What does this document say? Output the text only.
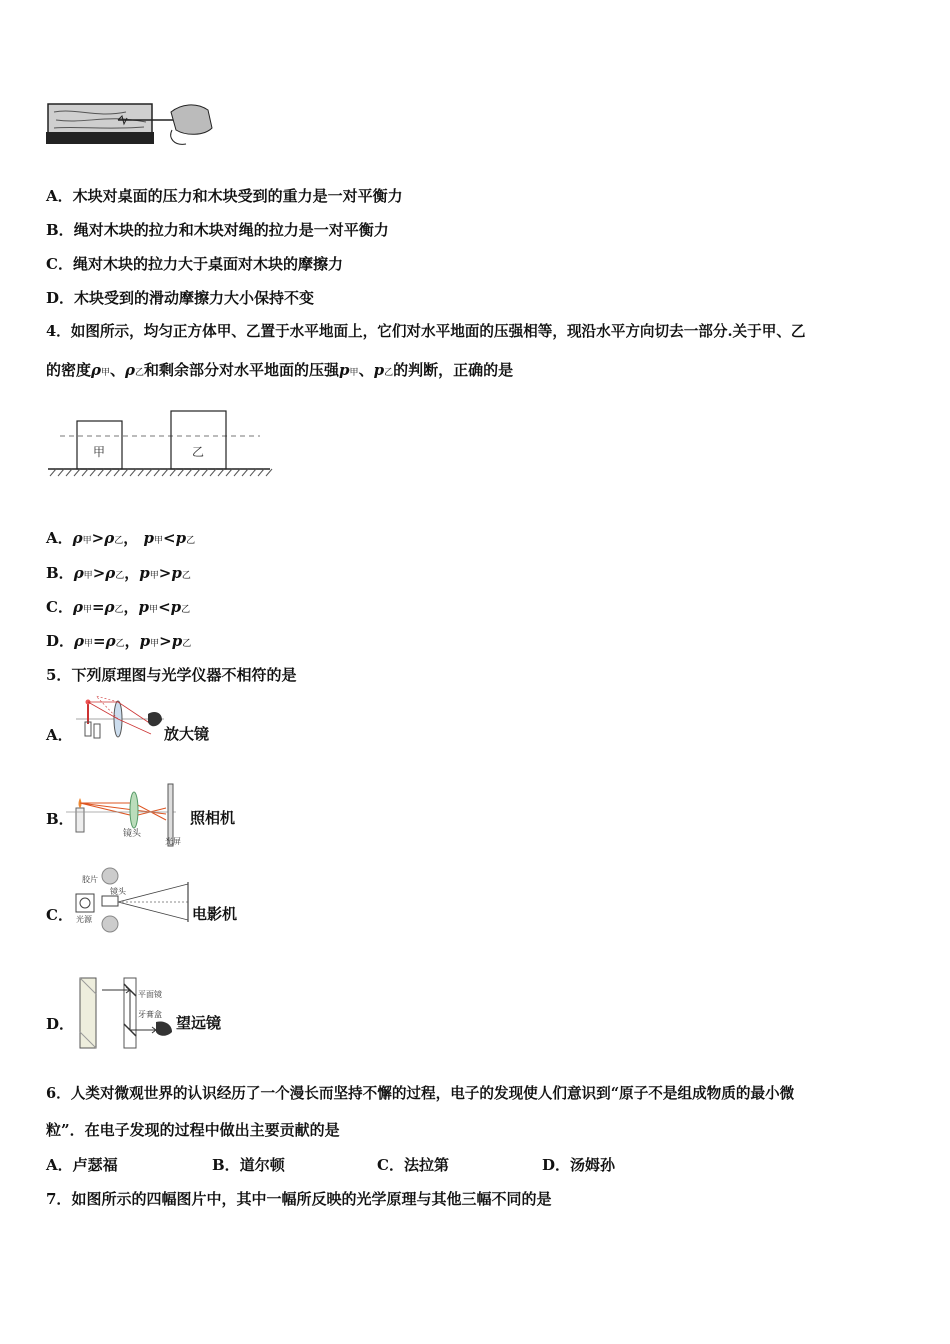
A．木块对桌面的压力和木块受到的重力是一对平衡力
B．绳对木块的拉力和木块对绳的拉力是一对平衡力
C．绳对木块的拉力大于桌面对木块的摩擦力
D．木块受到的滑动摩擦力大小保持不变
4．如图所示，均匀正方体甲、乙置于水平地面上，它们对水平地面的压强相等，现沿水平方向切去一部分.关于甲、乙
的密度ρ甲、ρ乙和剩余部分对水平地面的压强p甲、p乙的判断，正确的是
甲	乙
A．ρ甲>ρ乙， p甲<p乙
B．ρ甲>ρ乙，p甲>p乙
C．ρ甲=ρ乙，p甲<p乙
D．ρ甲=ρ乙，p甲>p乙
5．下列原理图与光学仪器不相符的是
A．	放大镜
B．
镜头
光屏
照相机
C．
胶片
镜头
光源	电影机
D．
平面镜
牙膏盒 望远镜
6．人类对微观世界的认识经历了一个漫长而坚持不懈的过程，电子的发现使人们意识到“原子不是组成物质的最小微
粒”．在电子发现的过程中做出主要贡献的是
A．卢瑟福	B．道尔顿	C．法拉第	D．汤姆孙
7．如图所示的四幅图片中，其中一幅所反映的光学原理与其他三幅不同的是
